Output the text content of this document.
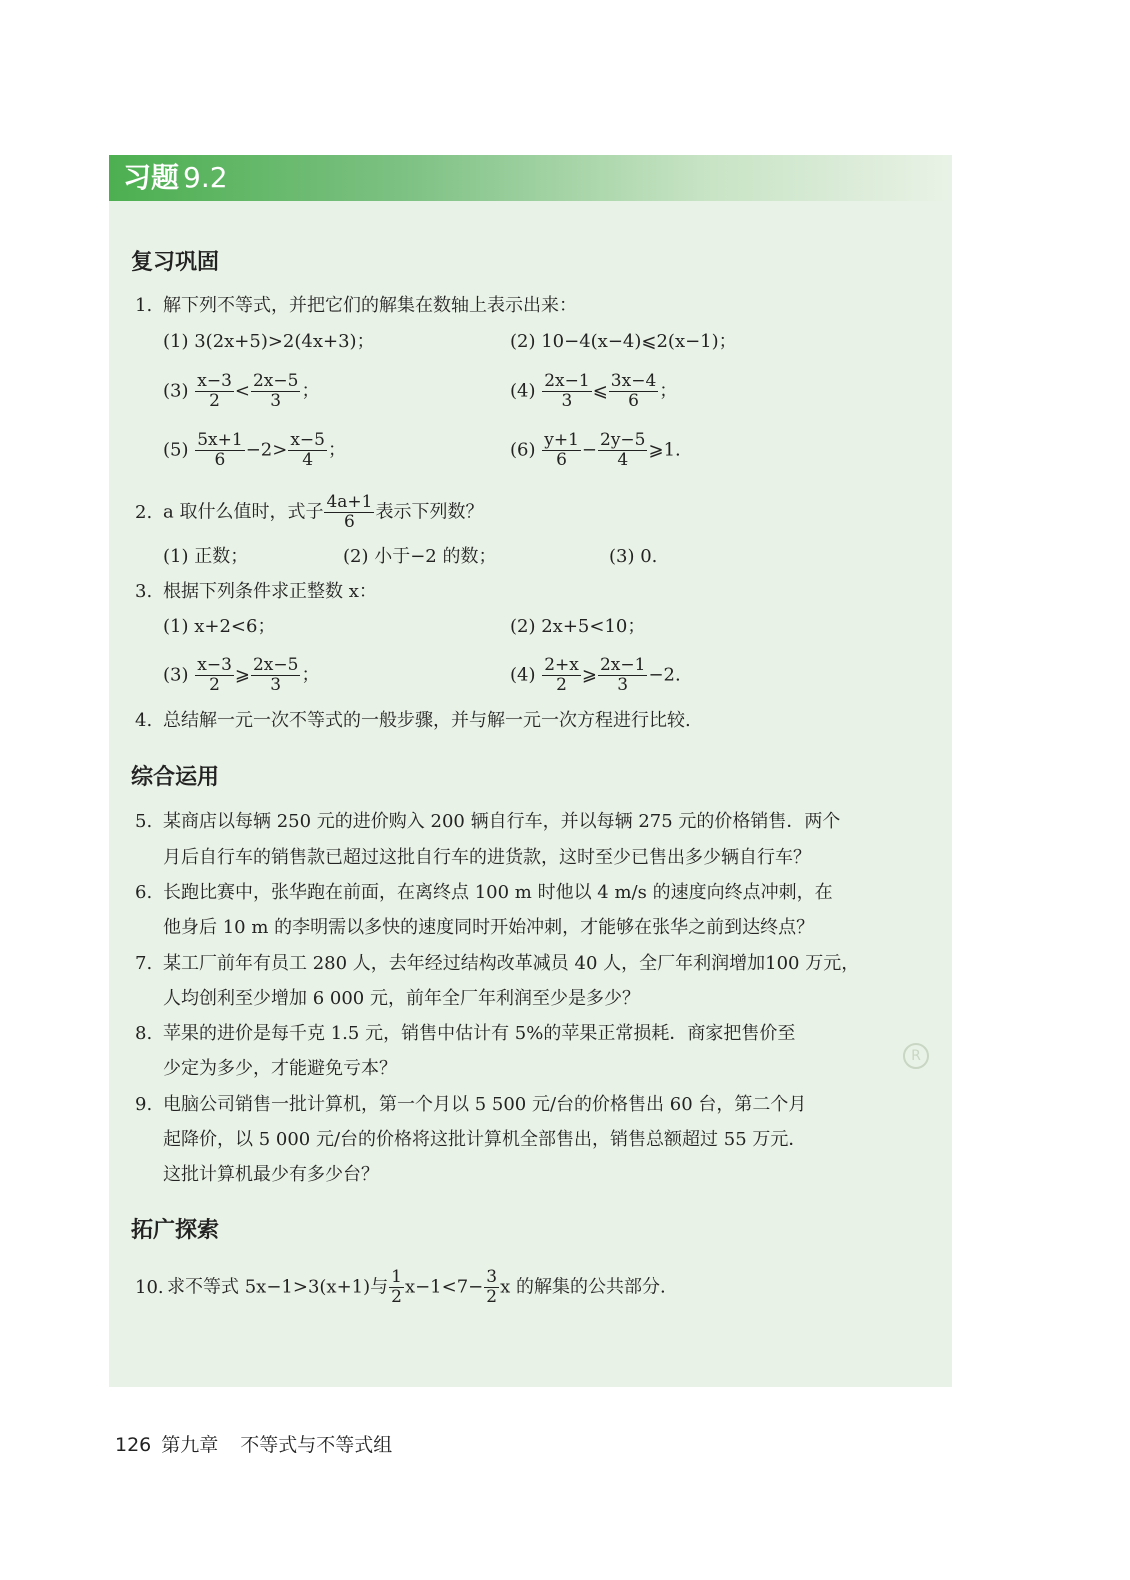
习题 9.2
复习巩固
1. 解下列不等式，并把它们的解集在数轴上表示出来：
(1) 3(2x+5)>2(4x+3)；	(2) 10−4(x−4)⩽2(x−1)；
$(3) \frac{x-3}{2} < \frac{2x-5}{3}$ ；	$(4) \frac{2x-1}{3}$ ⩽ $\frac{3x-4}{6}$ ；
$(5) \frac{5x+1}{6} -2> \frac{x-5}{4}$ ；	$(6) \frac{y+1}{6} - \frac{2y-5}{4}$ ⩾1.
2. a 取什么值时，式子 $\frac{4a+1}{6}$ 表示下列数？
(1) 正数；	(2) 小于−2 的数；	(3) 0.
3. 根据下列条件求正整数 x：
(1) x+2<6；	(2) 2x+5<10；
$(3) \frac{x-3}{2}$ ⩾ $\frac{2x-5}{3}$ ；	$(4) \frac{2+x}{2}$ ⩾ $\frac{2x-1}{3} -2$.
4. 总结解一元一次不等式的一般步骤，并与解一元一次方程进行比较.
综合运用
5. 某商店以每辆 250 元的进价购入 200 辆自行车，并以每辆 275 元的价格销售．两个
月后自行车的销售款已超过这批自行车的进货款，这时至少已售出多少辆自行车？
6. 长跑比赛中，张华跑在前面，在离终点 100 m 时他以 4 m/s 的速度向终点冲刺，在
他身后 10 m 的李明需以多快的速度同时开始冲刺，才能够在张华之前到达终点？
7. 某工厂前年有员工 280 人，去年经过结构改革减员 40 人，全厂年利润增加100 万元，
人均创利至少增加 6 000 元，前年全厂年利润至少是多少？
8. 苹果的进价是每千克 1.5 元，销售中估计有 5%的苹果正常损耗．商家把售价至
少定为多少，才能避免亏本？
9. 电脑公司销售一批计算机，第一个月以 5 500 元/台的价格售出 60 台，第二个月
起降价，以 5 000 元/台的价格将这批计算机全部售出，销售总额超过 55 万元．
这批计算机最少有多少台？
R
拓广探索
10. 求不等式 5x−1>3(x+1)与 $\frac{1}{2} x-1<7- \frac{3}{2}$ x 的解集的公共部分.
126 第九章 不等式与不等式组
